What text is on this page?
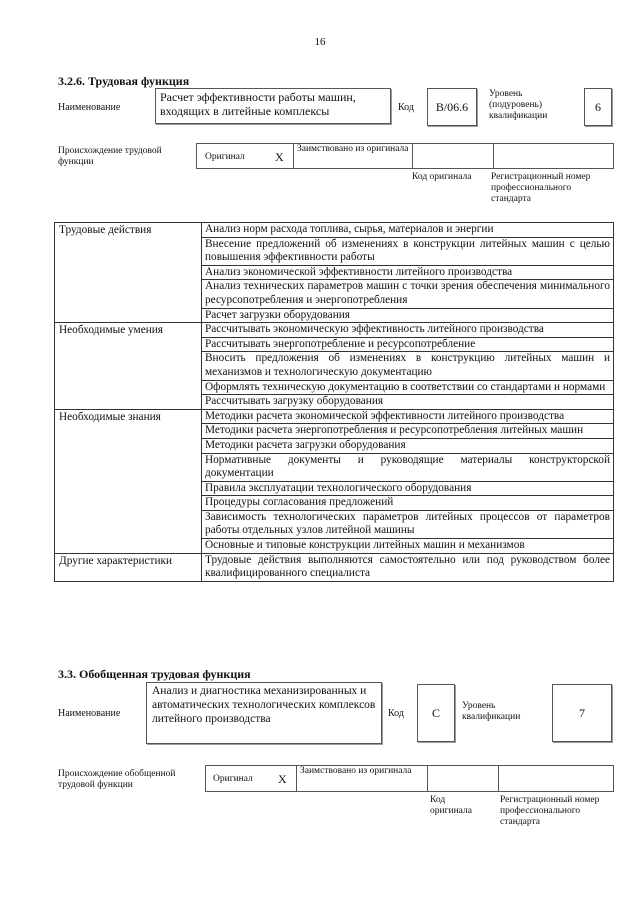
16
3.2.6. Трудовая функция
Наименование
Расчет эффективности работы машин, входящих в литейные комплексы	Код B/06.6
Уровень (подуровень) квалификации
6
Происхождение трудовой функции	Оригинал	X
Заимствовано из оригинала
Код оригинала Регистрационный номер профессионального стандарта
Трудовые действия	Анализ норм расхода топлива, сырья, материалов и энергии
	Внесение предложений об изменениях в конструкции литейных машин с целью повышения эффективности работы
	Анализ экономической эффективности литейного производства
	Анализ технических параметров машин с точки зрения обеспечения минимального ресурсопотребления и энергопотребления
	Расчет загрузки оборудования
Необходимые умения	Рассчитывать экономическую эффективность литейного производства
	Рассчитывать энергопотребление и ресурсопотребление
	Вносить предложения об изменениях в конструкцию литейных машин и механизмов и технологическую документацию
	Оформлять техническую документацию в соответствии со стандартами и нормами
	Рассчитывать загрузку оборудования
Необходимые знания	Методики расчета экономической эффективности литейного производства
	Методики расчета энергопотребления и ресурсопотребления литейных машин
	Методики расчета загрузки оборудования
	Нормативные документы и руководящие материалы конструкторской документации
	Правила эксплуатации технологического оборудования
	Процедуры согласования предложений
	Зависимость технологических параметров литейных процессов от параметров работы отдельных узлов литейной машины
	Основные и типовые конструкции литейных машин и механизмов
Другие характеристики	Трудовые действия выполняются самостоятельно или под руководством более квалифицированного специалиста
3.3. Обобщенная трудовая функция
Наименование
Анализ и диагностика механизированных и автоматических технологических комплексов литейного производства	Код C Уровень квалификации	7
Происхождение обобщенной трудовой функции
Оригинал X
Заимствовано из оригинала
Код оригинала
Регистрационный номер профессионального стандарта
